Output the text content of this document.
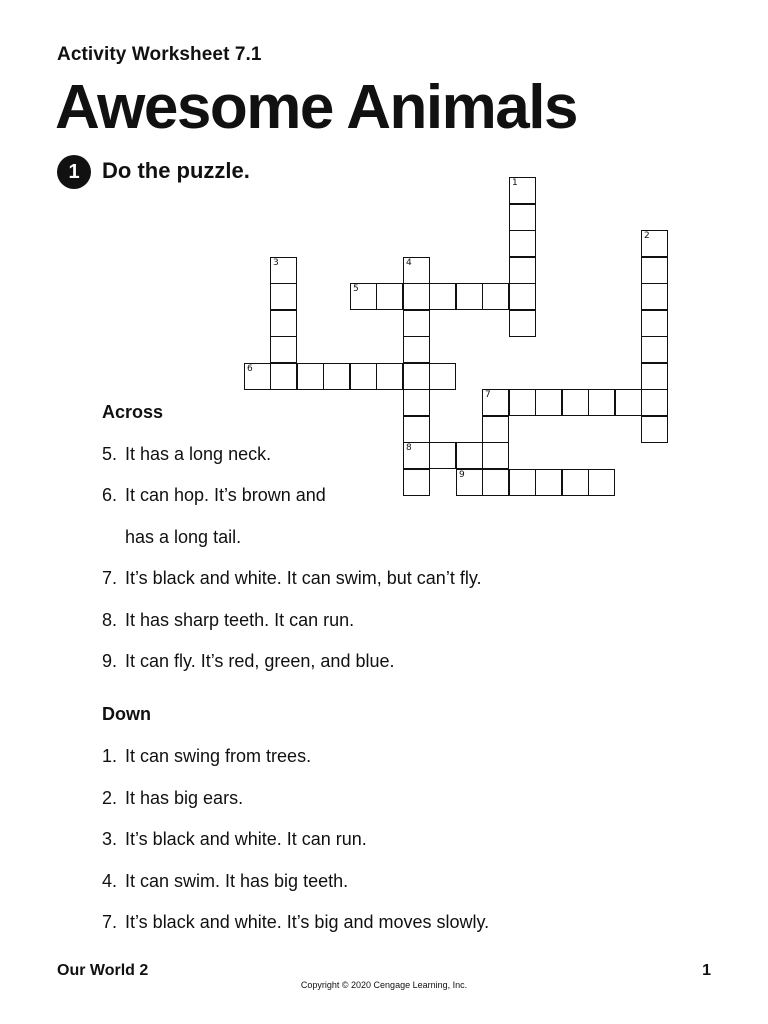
Activity Worksheet 7.1
Awesome Animals
1	Do the puzzle.
5
6
7
8
9
1
2
3	4
Across
5. It has a long neck.
6. It can hop. It’s brown and
has a long tail.
7. It’s black and white. It can swim, but can’t fly.
8. It has sharp teeth. It can run.
9. It can fly. It’s red, green, and blue.
Down
1. It can swing from trees.
2. It has big ears.
3. It’s black and white. It can run.
4. It can swim. It has big teeth.
7. It’s black and white. It’s big and moves slowly.
Our World 2	1
Copyright © 2020 Cengage Learning, Inc.
